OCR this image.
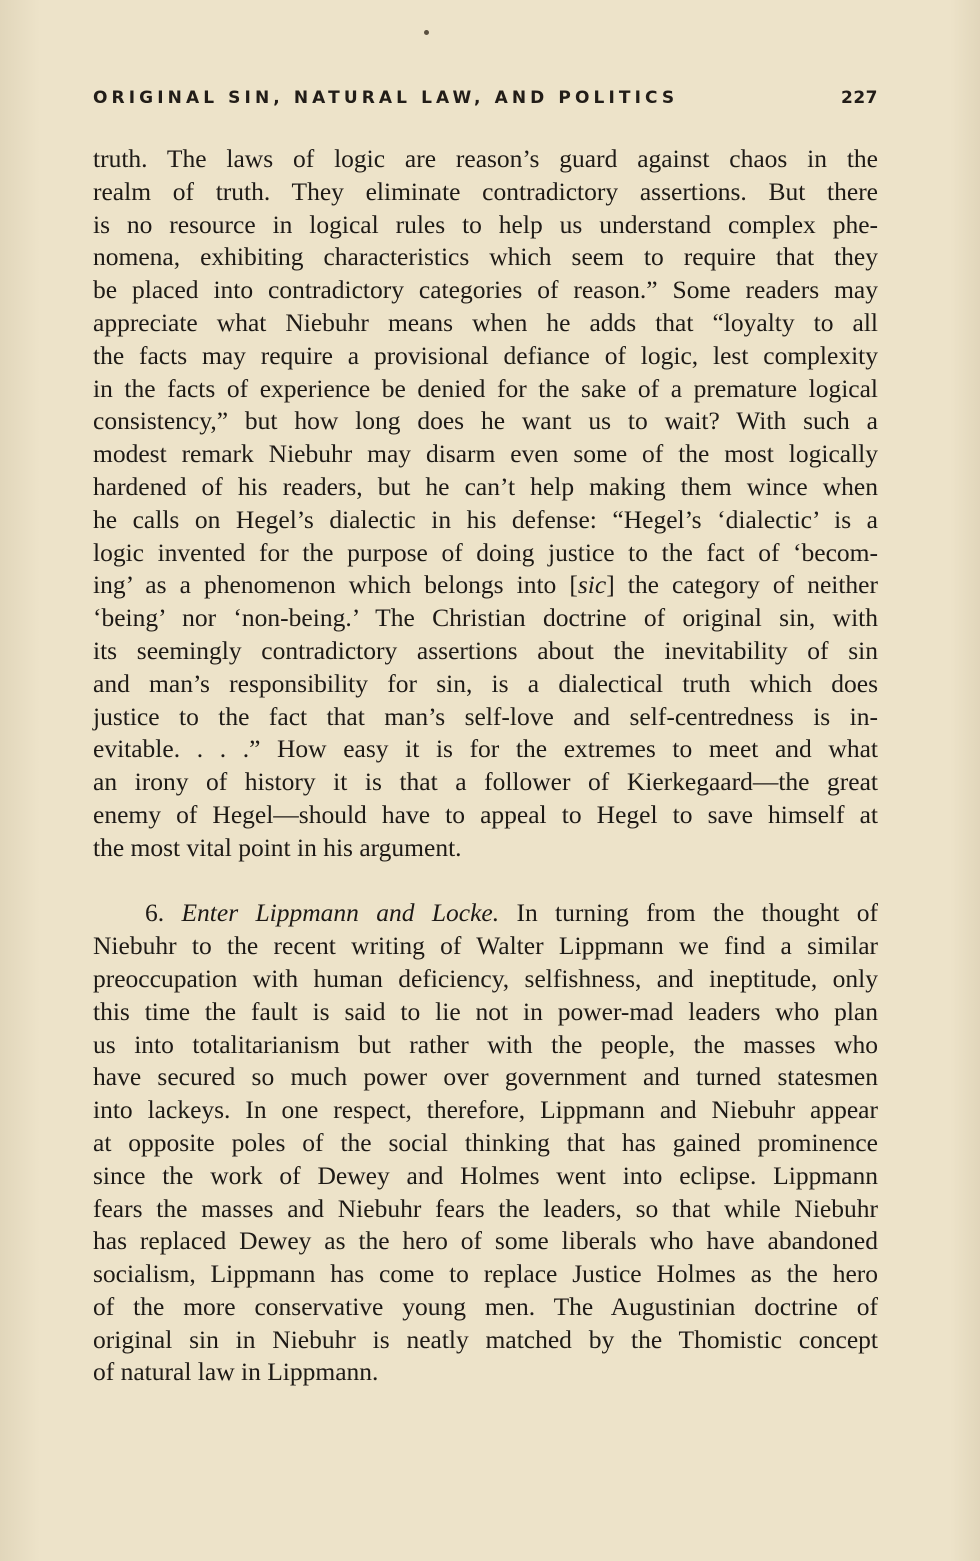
ORIGINAL SIN, NATURAL LAW, AND POLITICS	227
truth. The laws of logic are reason’s guard against chaos in the
realm of truth. They eliminate contradictory assertions. But there
is no resource in logical rules to help us understand complex phe-
nomena, exhibiting characteristics which seem to require that they
be placed into contradictory categories of reason.” Some readers may
appreciate what Niebuhr means when he adds that “loyalty to all
the facts may require a provisional defiance of logic, lest complexity
in the facts of experience be denied for the sake of a premature logical
consistency,” but how long does he want us to wait? With such a
modest remark Niebuhr may disarm even some of the most logically
hardened of his readers, but he can’t help making them wince when
he calls on Hegel’s dialectic in his defense: “Hegel’s ‘dialectic’ is a
logic invented for the purpose of doing justice to the fact of ‘becom-
ing’ as a phenomenon which belongs into [sic] the category of neither
‘being’ nor ‘non-being.’ The Christian doctrine of original sin, with
its seemingly contradictory assertions about the inevitability of sin
and man’s responsibility for sin, is a dialectical truth which does
justice to the fact that man’s self-love and self-centredness is in-
evitable. . . .” How easy it is for the extremes to meet and what
an irony of history it is that a follower of Kierkegaard—the great
enemy of Hegel—should have to appeal to Hegel to save himself at
the most vital point in his argument.
6. Enter Lippmann and Locke. In turning from the thought of
Niebuhr to the recent writing of Walter Lippmann we find a similar
preoccupation with human deficiency, selfishness, and ineptitude, only
this time the fault is said to lie not in power-mad leaders who plan
us into totalitarianism but rather with the people, the masses who
have secured so much power over government and turned statesmen
into lackeys. In one respect, therefore, Lippmann and Niebuhr appear
at opposite poles of the social thinking that has gained prominence
since the work of Dewey and Holmes went into eclipse. Lippmann
fears the masses and Niebuhr fears the leaders, so that while Niebuhr
has replaced Dewey as the hero of some liberals who have abandoned
socialism, Lippmann has come to replace Justice Holmes as the hero
of the more conservative young men. The Augustinian doctrine of
original sin in Niebuhr is neatly matched by the Thomistic concept
of natural law in Lippmann.
